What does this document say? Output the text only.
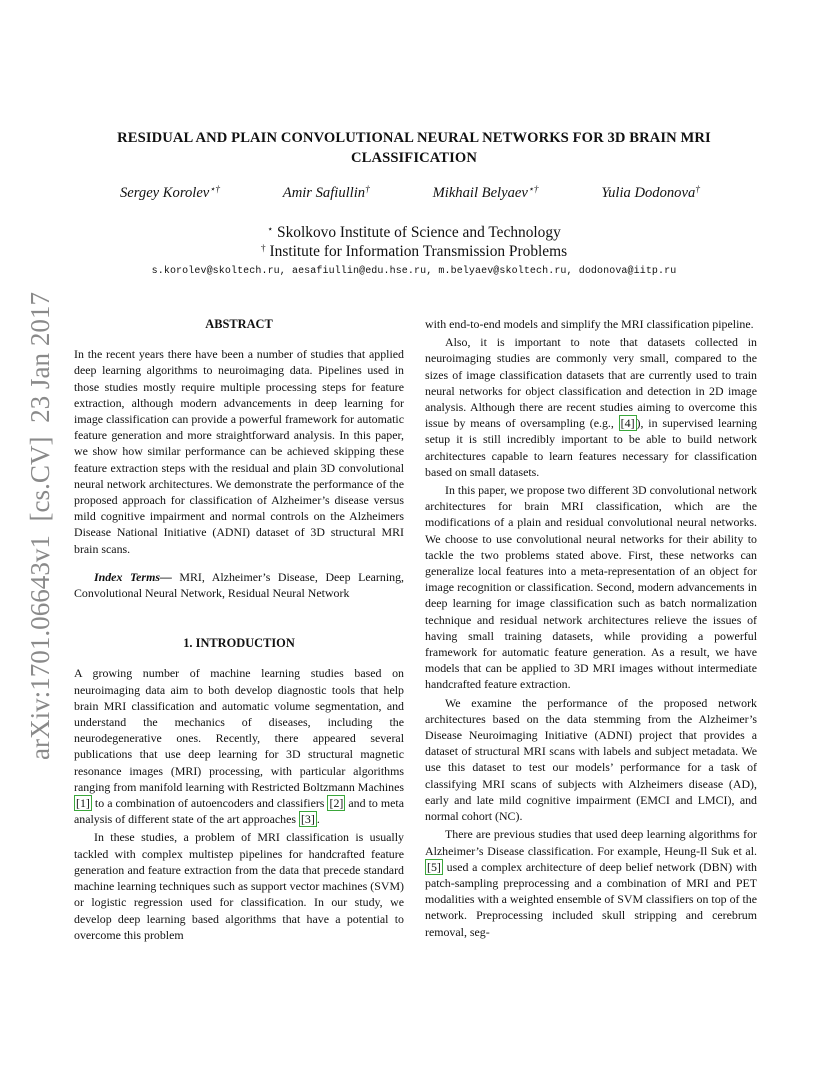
arXiv:1701.06643v1  [cs.CV]  23 Jan 2017
RESIDUAL AND PLAIN CONVOLUTIONAL NEURAL NETWORKS FOR 3D BRAIN MRI CLASSIFICATION
Sergey Korolev⋆†	Amir Safiullin†	Mikhail Belyaev⋆†	Yulia Dodonova†
⋆ Skolkovo Institute of Science and Technology
† Institute for Information Transmission Problems
s.korolev@skoltech.ru, aesafiullin@edu.hse.ru, m.belyaev@skoltech.ru, dodonova@iitp.ru

ABSTRACT

In the recent years there have been a number of studies that applied deep learning algorithms to neuroimaging data. Pipelines used in those studies mostly require multiple processing steps for feature extraction, although modern advancements in deep learning for image classification can provide a powerful framework for automatic feature generation and more straightforward analysis. In this paper, we show how similar performance can be achieved skipping these feature extraction steps with the residual and plain 3D convolutional neural network architectures. We demonstrate the performance of the proposed approach for classification of Alzheimer’s disease versus mild cognitive impairment and normal controls on the Alzheimers Disease National Initiative (ADNI) dataset of 3D structural MRI brain scans.

Index Terms— MRI, Alzheimer’s Disease, Deep Learning, Convolutional Neural Network, Residual Neural Network

1. INTRODUCTION

A growing number of machine learning studies based on neuroimaging data aim to both develop diagnostic tools that help brain MRI classification and automatic volume segmentation, and understand the mechanics of diseases, including the neurodegenerative ones. Recently, there appeared several publications that use deep learning for 3D structural magnetic resonance images (MRI) processing, with particular algorithms ranging from manifold learning with Restricted Boltzmann Machines [1] to a combination of autoencoders and classifiers [2] and to meta analysis of different state of the art approaches [3] .

In these studies, a problem of MRI classification is usually tackled with complex multistep pipelines for handcrafted feature generation and feature extraction from the data that precede standard machine learning techniques such as support vector machines (SVM) or logistic regression used for classification. In our study, we develop deep learning based algorithms that have a potential to overcome this problem

with end-to-end models and simplify the MRI classification pipeline.

Also, it is important to note that datasets collected in neuroimaging studies are commonly very small, compared to the sizes of image classification datasets that are currently used to train neural networks for object classification and detection in 2D image analysis. Although there are recent studies aiming to overcome this issue by means of oversampling (e.g., [4] ), in supervised learning setup it is still incredibly important to be able to build network architectures capable to learn features necessary for classification based on small datasets.

In this paper, we propose two different 3D convolutional network architectures for brain MRI classification, which are the modifications of a plain and residual convolutional neural networks. We choose to use convolutional neural networks for their ability to tackle the two problems stated above. First, these networks can generalize local features into a meta-representation of an object for image recognition or classification. Second, modern advancements in deep learning for image classification such as batch normalization technique and residual network architectures relieve the issues of having small training datasets, while providing a powerful framework for automatic feature generation. As a result, we have models that can be applied to 3D MRI images without intermediate handcrafted feature extraction.

We examine the performance of the proposed network architectures based on the data stemming from the Alzheimer’s Disease Neuroimaging Initiative (ADNI) project that provides a dataset of structural MRI scans with labels and subject metadata. We use this dataset to test our models’ performance for a task of classifying MRI scans of subjects with Alzheimers disease (AD), early and late mild cognitive impairment (EMCI and LMCI), and normal cohort (NC).

There are previous studies that used deep learning algorithms for Alzheimer’s Disease classification. For example, Heung-Il Suk et al. [5] used a complex architecture of deep belief network (DBN) with patch-sampling preprocessing and a combination of MRI and PET modalities with a weighted ensemble of SVM classifiers on top of the network. Preprocessing included skull stripping and cerebrum removal, seg-
